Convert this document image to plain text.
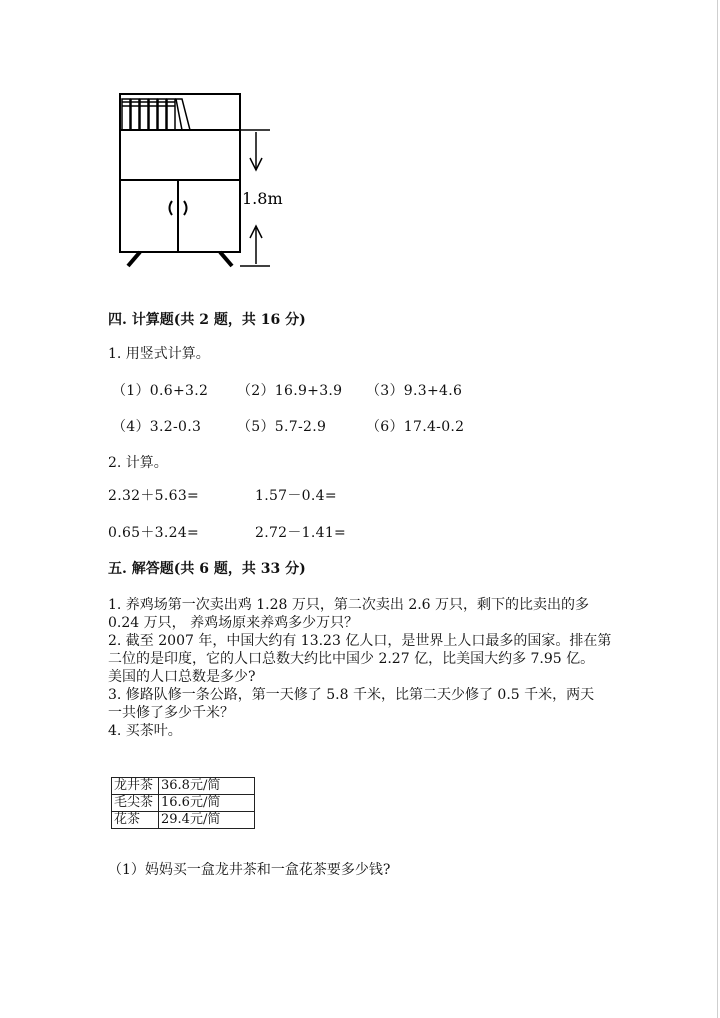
1.8m
四. 计算题(共 2 题，共 16 分)
1. 用竖式计算。
（1）0.6+3.2 （2）16.9+3.9 （3）9.3+4.6
（4）3.2-0.3	（5）5.7-2.9	（6）17.4-0.2
2. 计算。
2.32＋5.63=	1.57－0.4=
0.65＋3.24=	2.72－1.41=
五. 解答题(共 6 题，共 33 分)
1. 养鸡场第一次卖出鸡 1.28 万只，第二次卖出 2.6 万只，剩下的比卖出的多
0.24 万只， 养鸡场原来养鸡多少万只？
2. 截至 2007 年，中国大约有 13.23 亿人口，是世界上人口最多的国家。排在第
二位的是印度，它的人口总数大约比中国少 2.27 亿，比美国大约多 7.95 亿。
美国的人口总数是多少?
3. 修路队修一条公路，第一天修了 5.8 千米，比第二天少修了 0.5 千米，两天
一共修了多少千米？
4. 买茶叶。
龙井茶	36.8元/简
毛尖茶	16.6元/简
花茶	29.4元/简
（1）妈妈买一盒龙井茶和一盒花茶要多少钱?
